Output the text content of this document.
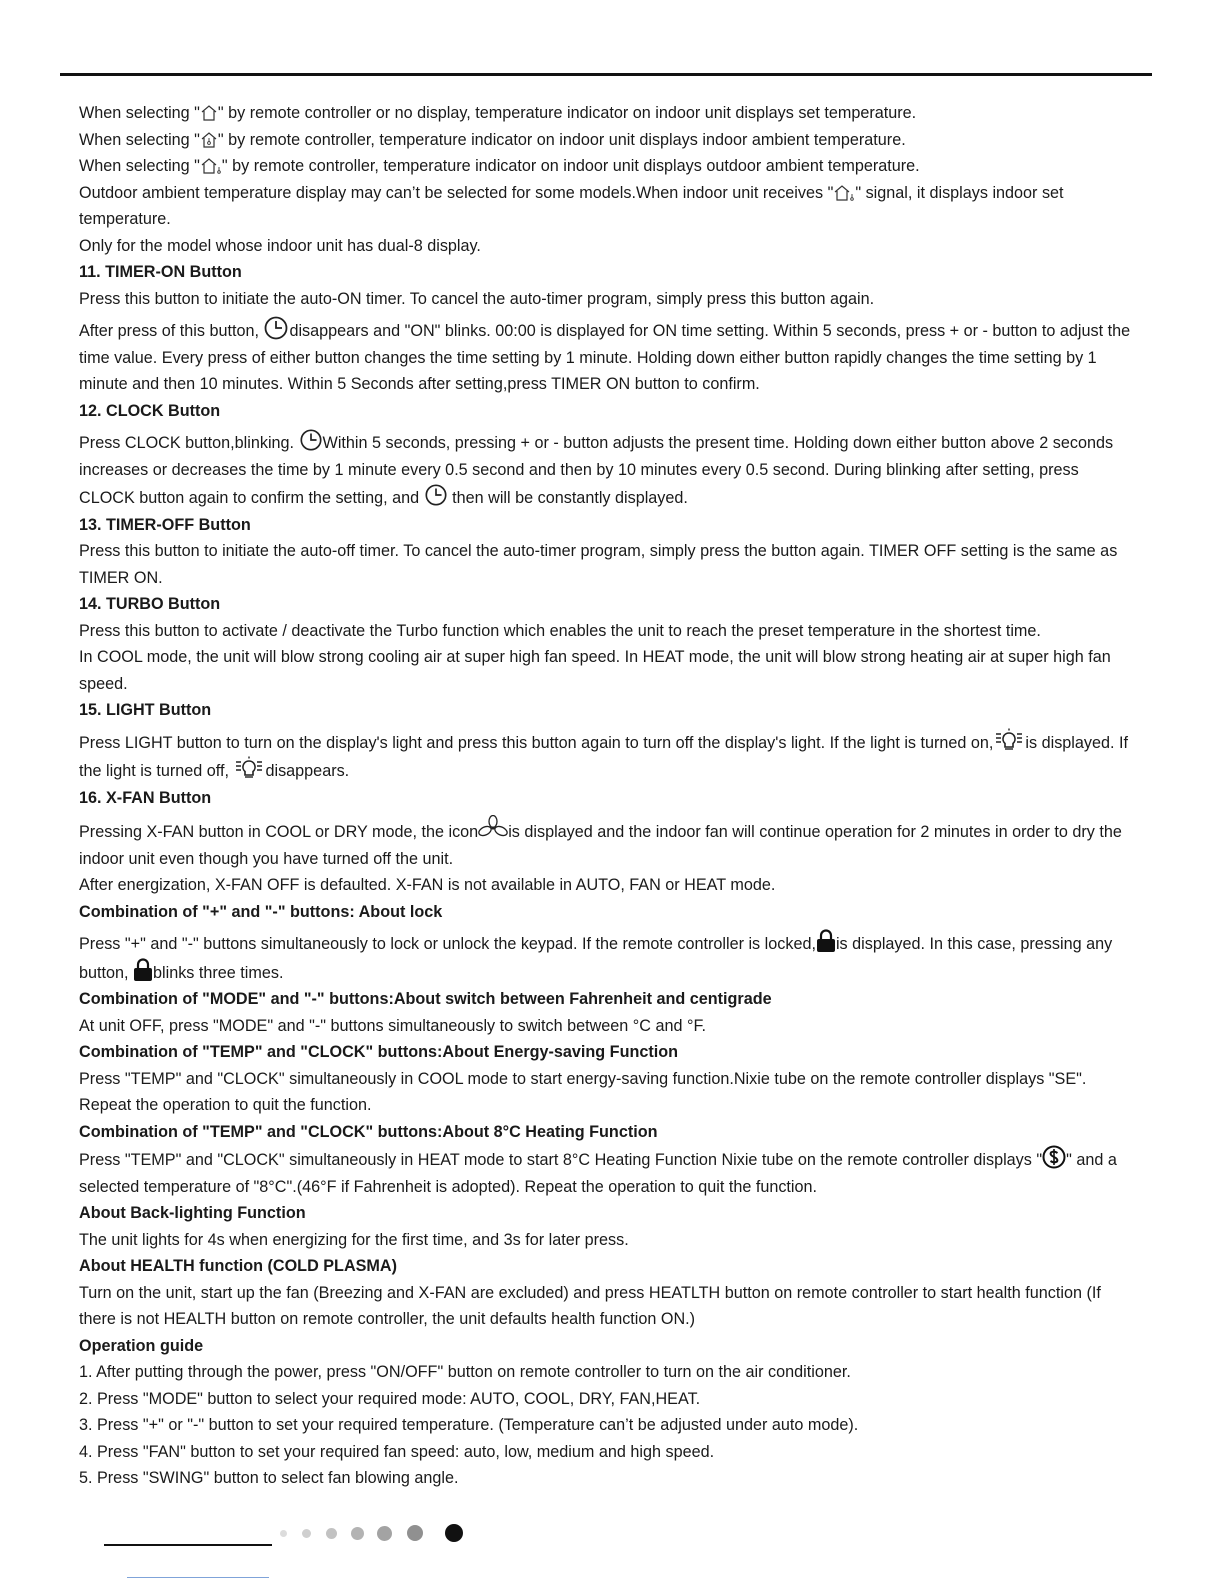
When selecting " " by remote controller or no display, temperature indicator on indoor unit displays set temperature.

When selecting " " by remote controller, temperature indicator on indoor unit displays indoor ambient temperature.

When selecting " " by remote controller, temperature indicator on indoor unit displays outdoor ambient temperature.

Outdoor ambient temperature display may can’t be selected for some models.When indoor unit receives " " signal, it displays indoor set temperature.

Only for the model whose indoor unit has dual-8 display.

11. TIMER-ON Button

Press this button to initiate the auto-ON timer. To cancel the auto-timer program, simply press this button again.

After press of this button, disappears and "ON" blinks. 00:00 is displayed for ON time setting. Within 5 seconds, press + or - button to adjust the time value. Every press of either button changes the time setting by 1 minute. Holding down either button rapidly changes the time setting by 1 minute and then 10 minutes. Within 5 Seconds after setting,press TIMER ON button to confirm.

12. CLOCK Button

Press CLOCK button,blinking. Within 5 seconds, pressing + or - button adjusts the present time. Holding down either button above 2 seconds increases or decreases the time by 1 minute every 0.5 second and then by 10 minutes every 0.5 second. During blinking after setting, press CLOCK button again to confirm the setting, and  then will be constantly displayed.

13. TIMER-OFF Button

Press this button to initiate the auto-off timer. To cancel the auto-timer program, simply press the button again. TIMER OFF setting is the same as TIMER ON.

14. TURBO Button

Press this button to activate / deactivate the Turbo function which enables the unit to reach the preset temperature in the shortest time.

In COOL mode, the unit will blow strong cooling air at super high fan speed. In HEAT mode, the unit will blow strong heating air at super high fan speed.

15. LIGHT Button

Press LIGHT button to turn on the display's light and press this button again to turn off the display's light. If the light is turned on, is displayed. If the light is turned off, disappears.

16. X-FAN Button

Pressing X-FAN button in COOL or DRY mode, the icon is displayed and the indoor fan will continue operation for 2 minutes in order to dry the indoor unit even though you have turned off the unit.

After energization, X-FAN OFF is defaulted. X-FAN is not available in AUTO, FAN or HEAT mode.

Combination of "+" and "-" buttons: About lock

Press "+" and "-" buttons simultaneously to lock or unlock the keypad. If the remote controller is locked, is displayed. In this case, pressing any button, blinks three times.

Combination of "MODE" and "-" buttons:About switch between Fahrenheit and centigrade

At unit OFF, press "MODE" and "-" buttons simultaneously to switch between °C and °F.

Combination of "TEMP" and "CLOCK" buttons:About Energy-saving Function

Press "TEMP" and "CLOCK" simultaneously in COOL mode to start energy-saving function.Nixie tube on the remote controller displays "SE". Repeat the operation to quit the function.

Combination of "TEMP" and "CLOCK" buttons:About 8°C Heating Function

Press "TEMP" and "CLOCK" simultaneously in HEAT mode to start 8°C Heating Function Nixie tube on the remote controller displays " " and a selected temperature of "8°C".(46°F if Fahrenheit is adopted). Repeat the operation to quit the function.

About Back-lighting Function

The unit lights for 4s when energizing for the first time, and 3s for later press.

About HEALTH function (COLD PLASMA)

Turn on the unit, start up the fan (Breezing and X-FAN are excluded) and press HEATLTH button on remote controller to start health function (If there is not HEALTH button on remote controller, the unit defaults health function ON.)

Operation guide

1. After putting through the power, press "ON/OFF" button on remote controller to turn on the air conditioner.

2. Press "MODE" button to select your required mode: AUTO, COOL, DRY, FAN,HEAT.

3. Press "+" or "-" button to set your required temperature. (Temperature can’t be adjusted under auto mode).

4. Press "FAN" button to set your required fan speed: auto, low, medium and high speed.

5. Press "SWING" button to select fan blowing angle.
